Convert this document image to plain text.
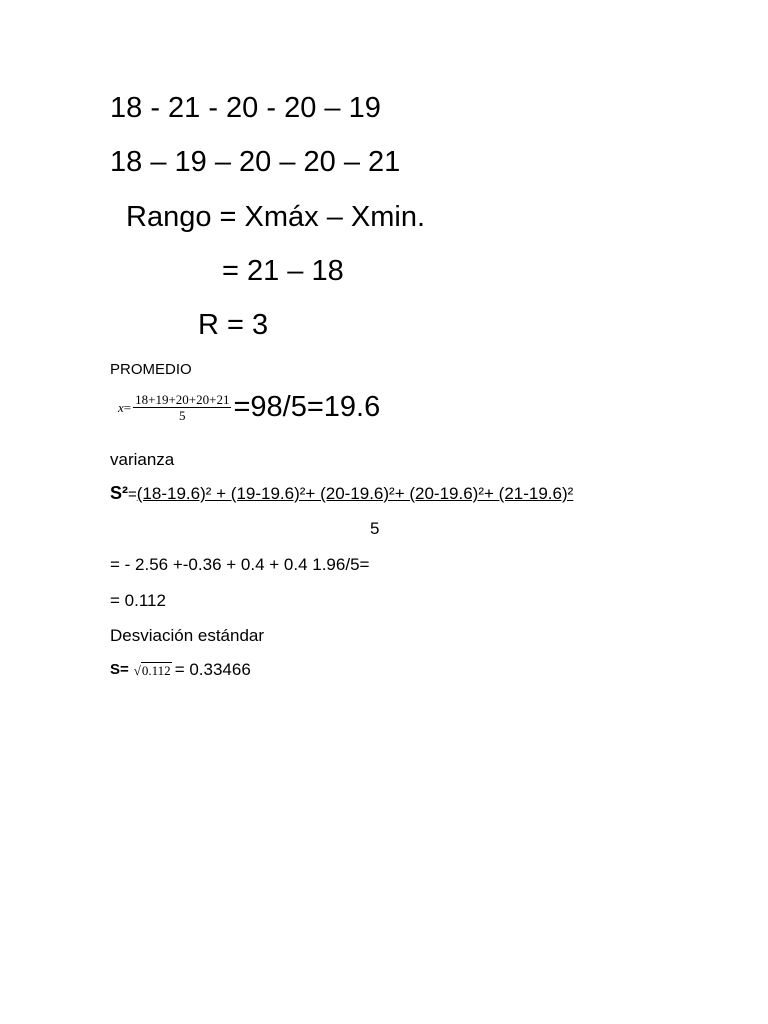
18 - 21 - 20 - 20 – 19
18 – 19 – 20 – 20 – 21
Rango = Xmáx – Xmin.
= 21 – 18
R = 3
PROMEDIO
$x = \frac{18+19+20+20+21}{5} =98/5=19.6$
varianza
S² = (18-19.6)² + (19-19.6)²+ (20-19.6)²+ (20-19.6)²+ (21-19.6)²
5
= - 2.56 +-0.36 + 0.4 + 0.4 1.96/5=
= 0.112
Desviación estándar
S= √ 0.112 = 0.33466
